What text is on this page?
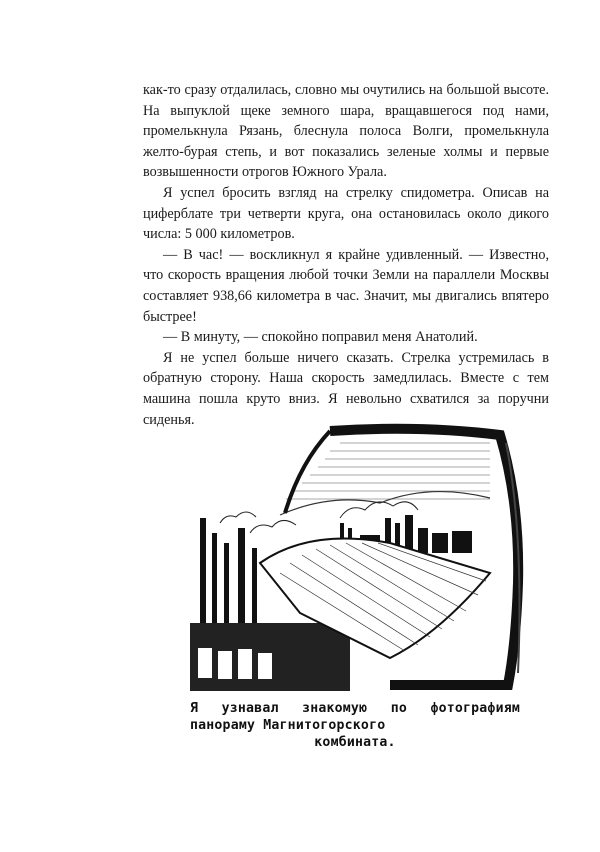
как-то сразу отдалилась, словно мы очутились на большой высоте. На выпуклой щеке земного шара, вращавшегося под нами, промелькнула Рязань, блеснула полоса Волги, промелькнула желто-бурая степь, и вот показались зеленые холмы и первые возвышенности отрогов Южного Урала.

Я успел бросить взгляд на стрелку спидометра. Описав на циферблате три четверти круга, она остановилась около дикого числа: 5 000 километров.

— В час! — воскликнул я крайне удивленный. — Известно, что скорость вращения любой точки Земли на параллели Москвы составляет 938,66 километра в час. Значит, мы двигались впятеро быстрее!

— В минуту, — спокойно поправил меня Анатолий.

Я не успел больше ничего сказать. Стрелка устремилась в обратную сторону. Наша скорость замедлилась. Вместе с тем машина пошла круто вниз. Я невольно схватился за поручни сиденья.

Я узнавал знакомую по фотографиям панораму Магнитогорского
комбината.
